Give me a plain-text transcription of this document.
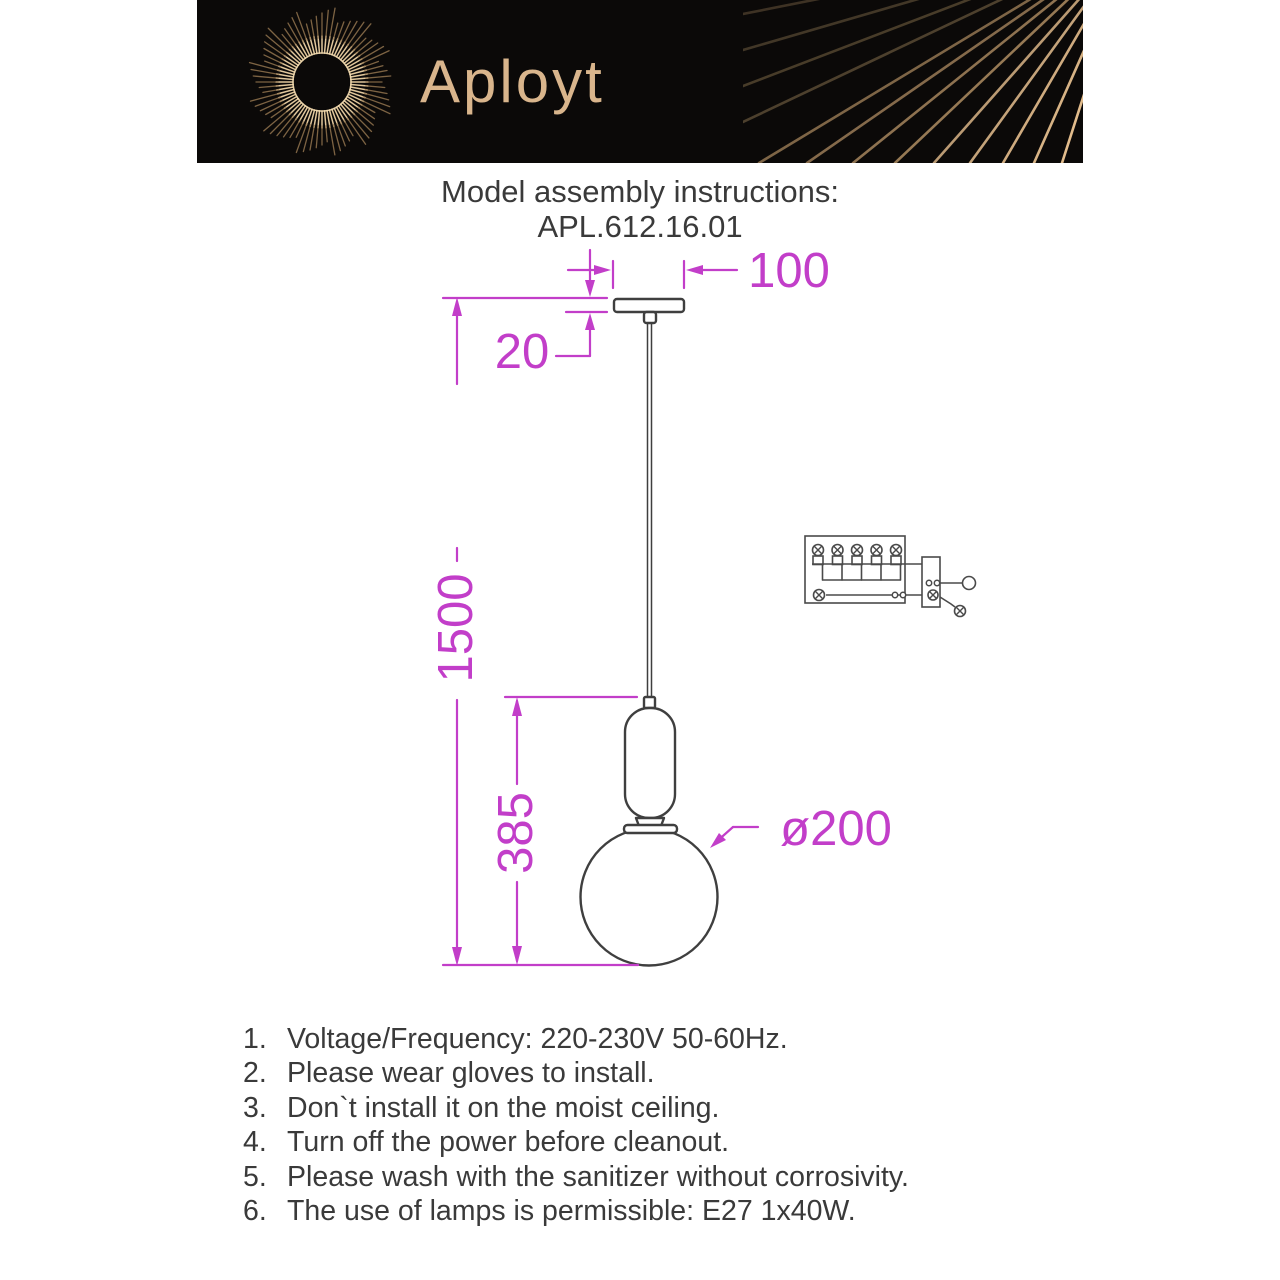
Aployt
Model assembly instructions:
APL.612.16.01
1500
385
20
100
ø200
1. Voltage/Frequency: 220-230V 50-60Hz.
2. Please wear gloves to install.
3. Don`t install it on the moist ceiling.
4. Turn off the power before cleanout.
5. Please wash with the sanitizer without corrosivity.
6. The use of lamps is permissible: E27 1x40W.
